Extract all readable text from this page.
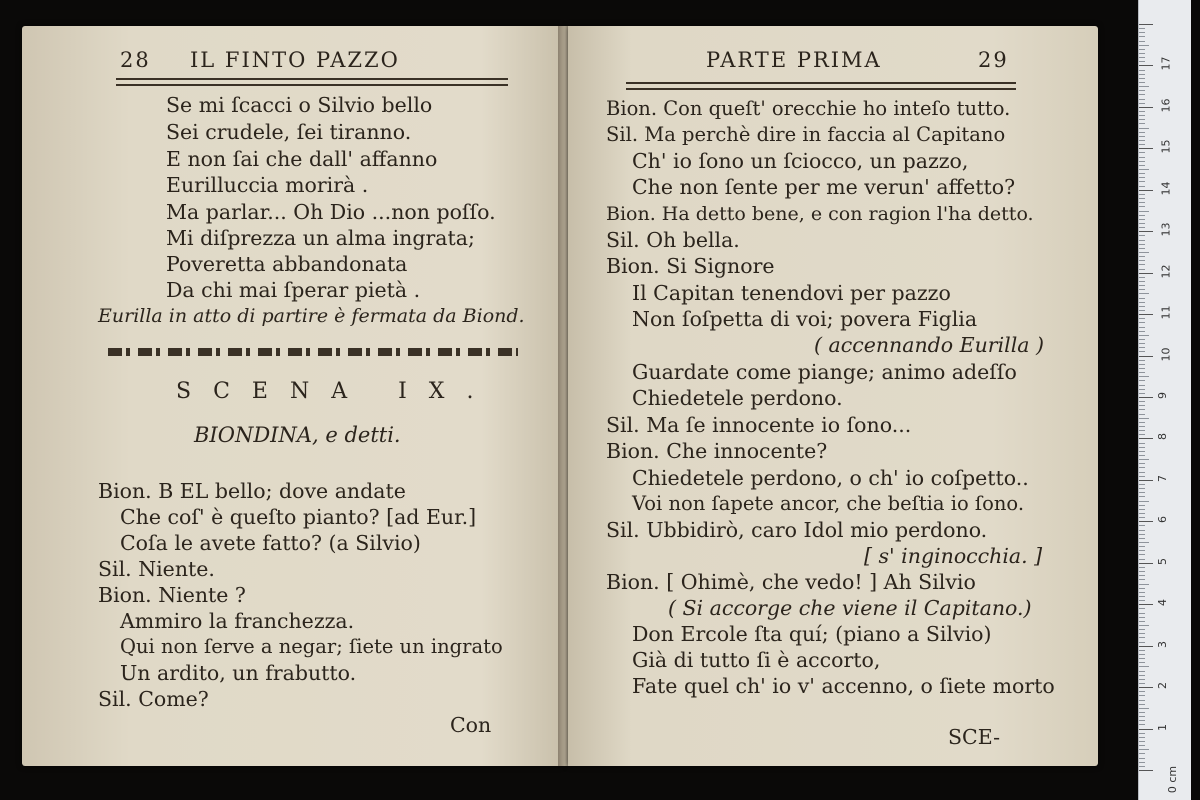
28 IL FINTO PAZZO
Se mi ſcacci o Silvio bello
Sei crudele, ſei tiranno.
E non ſai che dall' affanno
Eurilluccia morirà .
Ma parlar... Oh Dio ...non poſſo.
Mi diſprezza un alma ingrata;
Poveretta abbandonata
Da chi mai ſperar pietà .
Eurilla in atto di partire è fermata da Biond.
SCENA IX.
BIONDINA, e detti.
Bion. B EL bello; dove andate
Che coſ' è queſto pianto? [ad Eur.]
Coſa le avete fatto? (a Silvio)
Sil. Niente.
Bion. Niente ?
Ammiro la franchezza.
Qui non ſerve a negar; ſiete un ingrato
Un ardito, un frabutto.
Sil. Come?
Con
PARTE PRIMA	29
Bion. Con queſt' orecchie ho inteſo tutto.
Sil. Ma perchè dire in faccia al Capitano
Ch' io ſono un ſciocco, un pazzo,
Che non ſente per me verun' affetto?
Bion. Ha detto bene, e con ragion l'ha detto.
Sil. Oh bella.
Bion. Si Signore
Il Capitan tenendovi per pazzo
Non ſoſpetta di voi; povera Figlia
( accennando Eurilla )
Guardate come piange; animo adeſſo
Chiedetele perdono.
Sil. Ma ſe innocente io ſono...
Bion. Che innocente?
Chiedetele perdono, o ch' io coſpetto..
Voi non ſapete ancor, che beſtia io ſono.
Sil. Ubbidirò, caro Idol mio perdono.
[ s' inginocchia. ]
Bion. [ Ohimè, che vedo! ] Ah Silvio
( Si accorge che viene il Capitano.)
Don Ercole ſta quí; (piano a Silvio)
Già di tutto ſi è accorto,
Fate quel ch' io v' accenno, o ſiete morto
SCE-
0 cm
17
16
15
14
13
12
11
10
9
8
7
6
5
4
3
2
1
